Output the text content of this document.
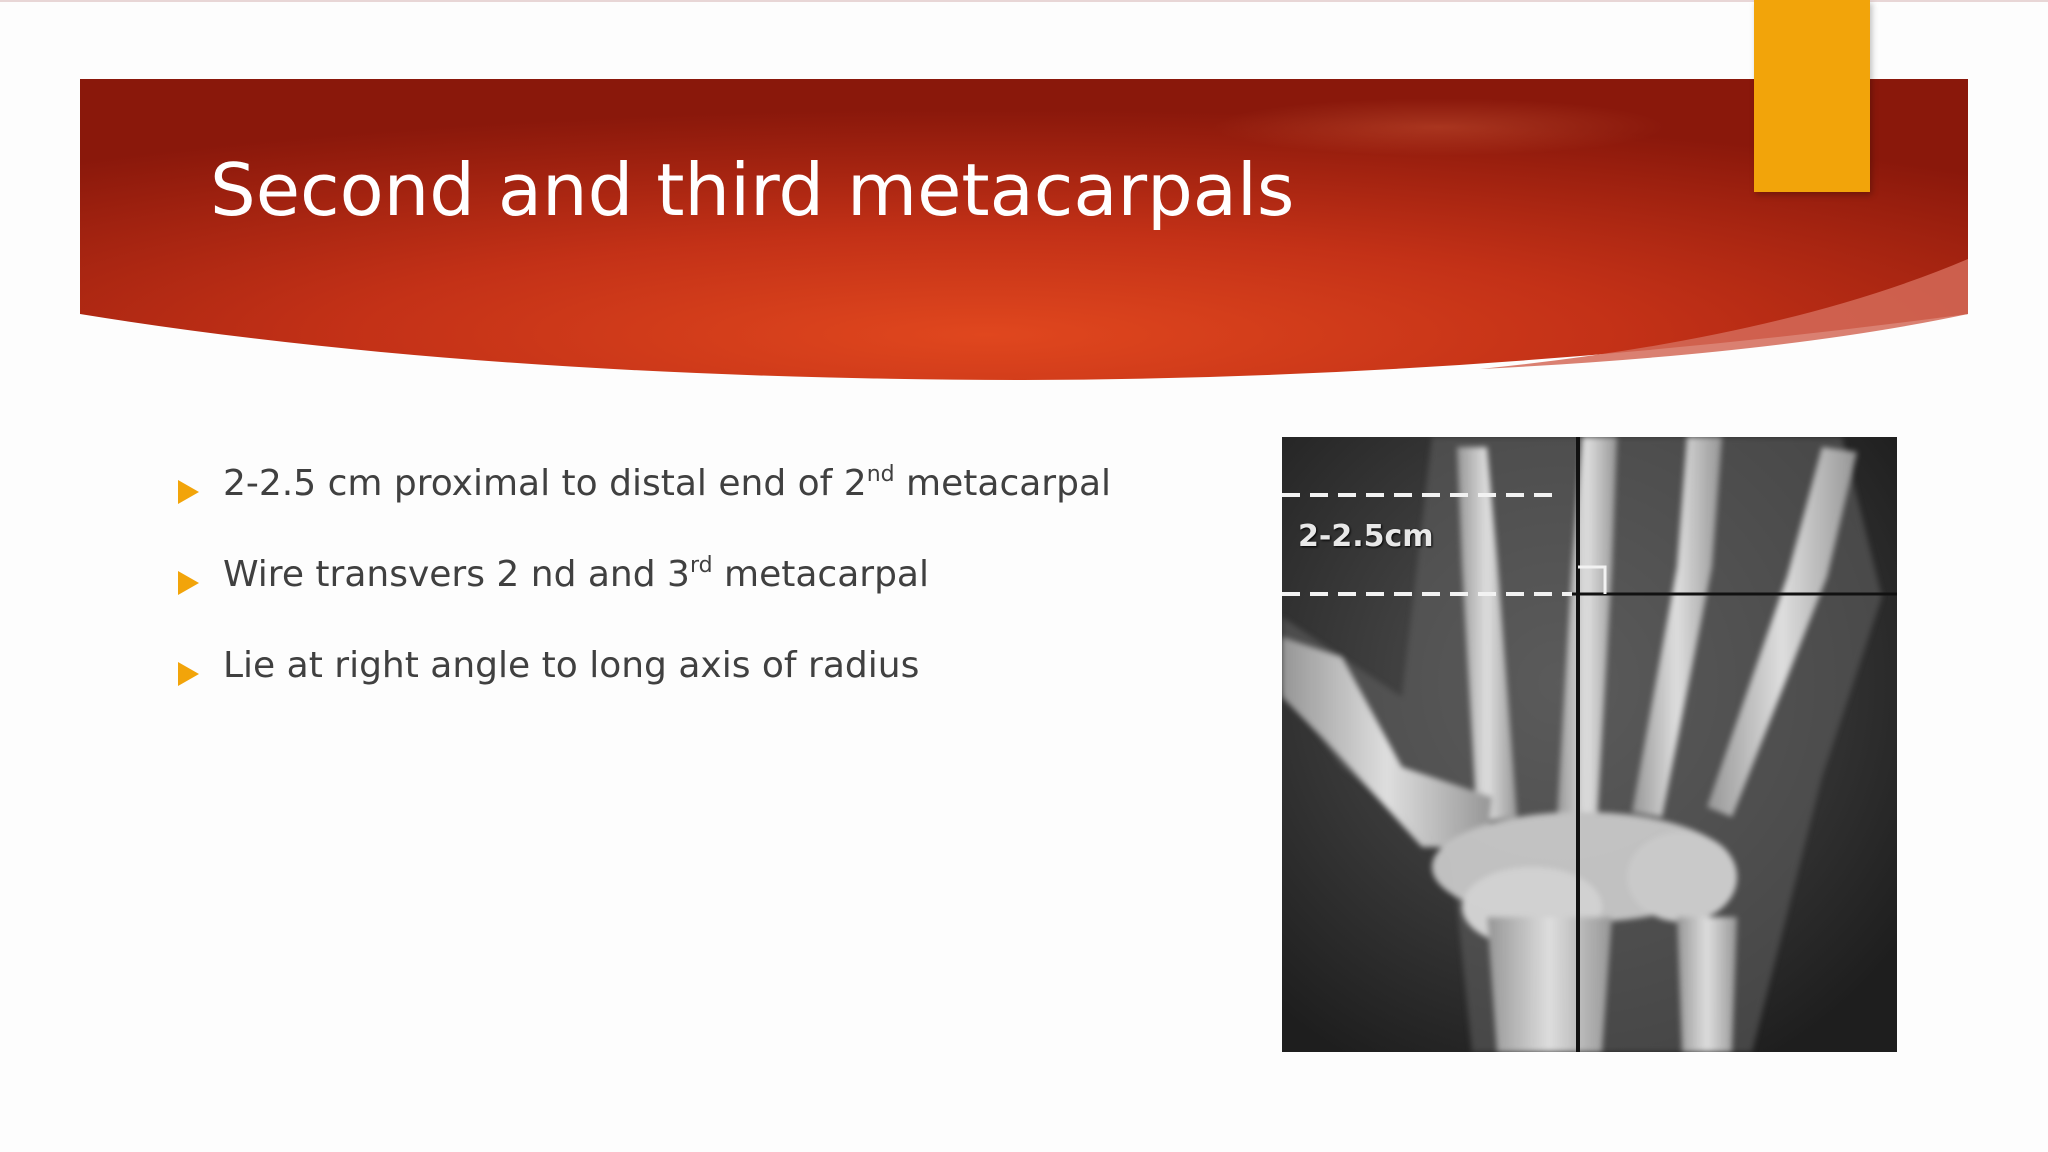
Second and third metacarpals
2-2.5 cm proximal to distal end of 2nd metacarpal
Wire transvers 2 nd and 3rd metacarpal
Lie at right angle to long axis of radius
2-2.5cm
